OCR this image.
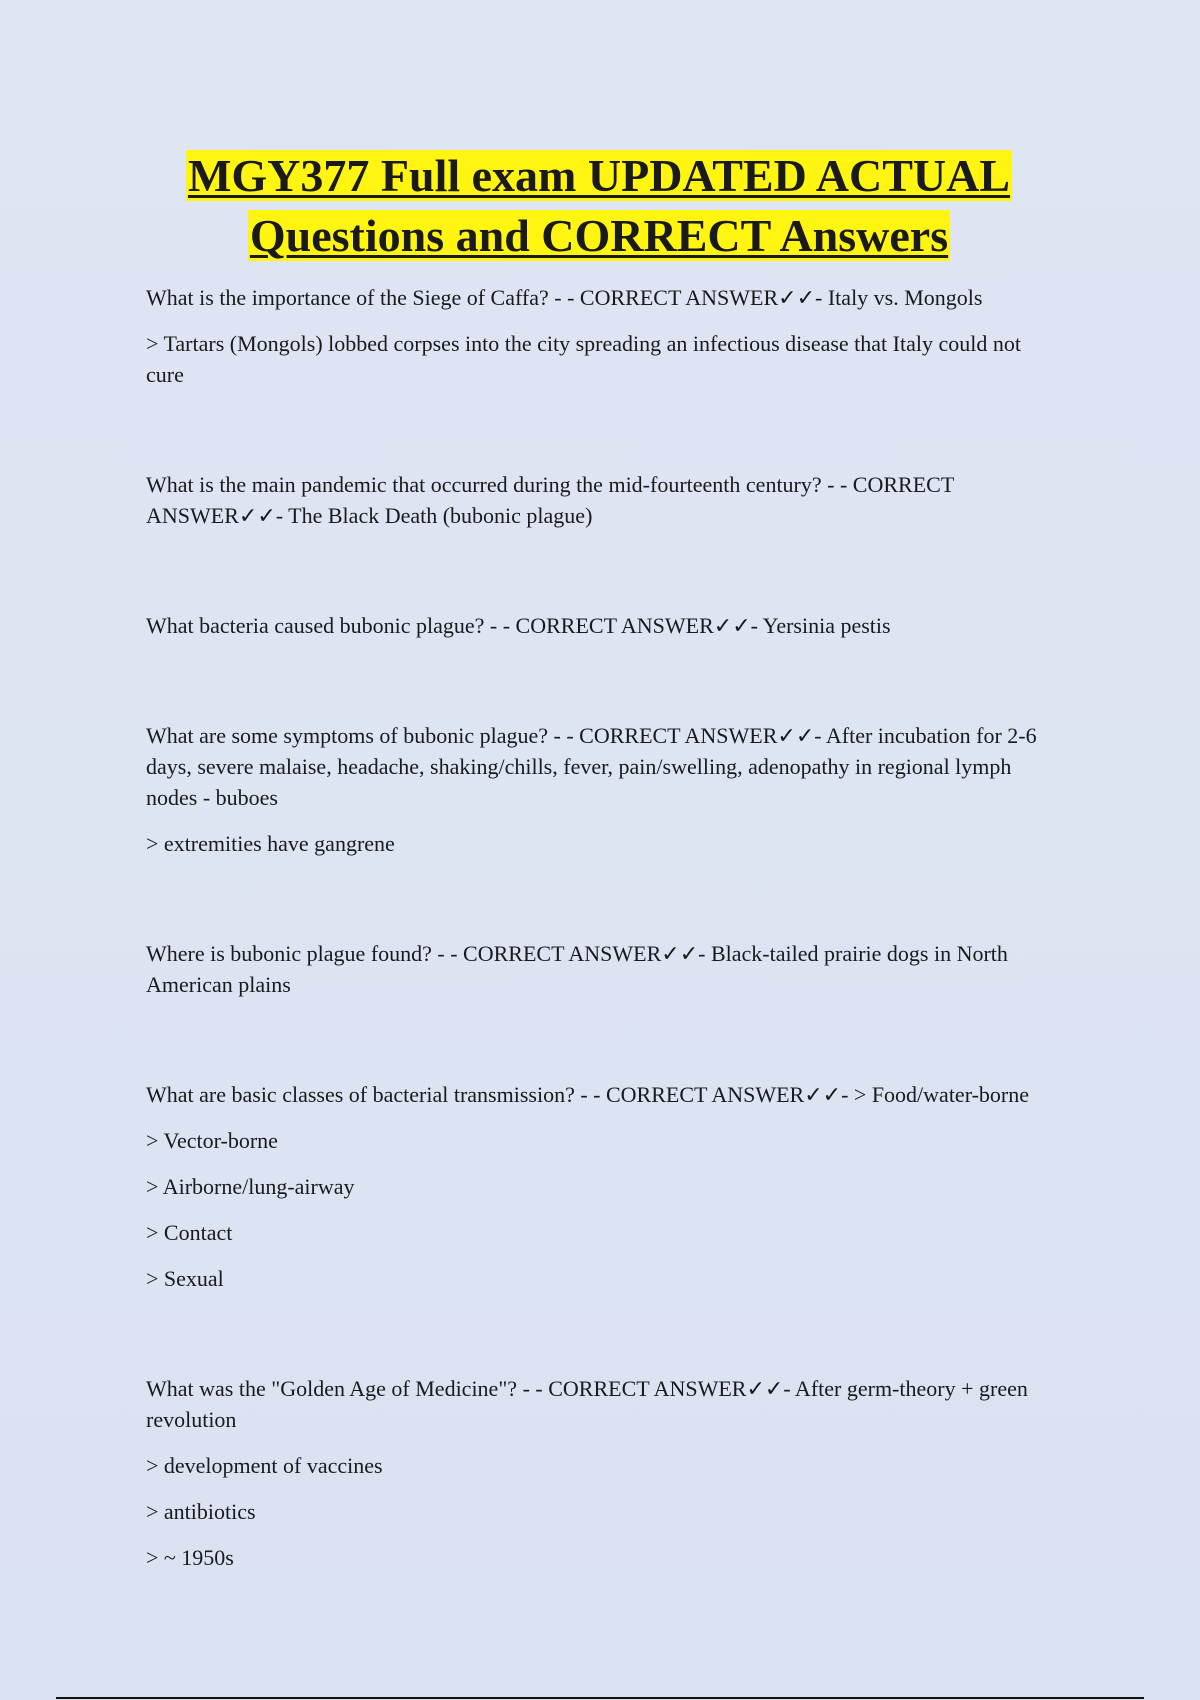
MGY377 Full exam UPDATED ACTUAL
Questions and CORRECT Answers

What is the importance of the Siege of Caffa? - - CORRECT ANSWER✓✓- Italy vs. Mongols

> Tartars (Mongols) lobbed corpses into the city spreading an infectious disease that Italy could not cure

What is the main pandemic that occurred during the mid-fourteenth century? - - CORRECT ANSWER✓✓- The Black Death (bubonic plague)

What bacteria caused bubonic plague? - - CORRECT ANSWER✓✓- Yersinia pestis

What are some symptoms of bubonic plague? - - CORRECT ANSWER✓✓- After incubation for 2-6 days, severe malaise, headache, shaking/chills, fever, pain/swelling, adenopathy in regional lymph nodes - buboes

> extremities have gangrene

Where is bubonic plague found? - - CORRECT ANSWER✓✓- Black-tailed prairie dogs in North American plains

What are basic classes of bacterial transmission? - - CORRECT ANSWER✓✓- > Food/water-borne

> Vector-borne

> Airborne/lung-airway

> Contact

> Sexual

What was the "Golden Age of Medicine"? - - CORRECT ANSWER✓✓- After germ-theory + green revolution

> development of vaccines

> antibiotics

> ~ 1950s
